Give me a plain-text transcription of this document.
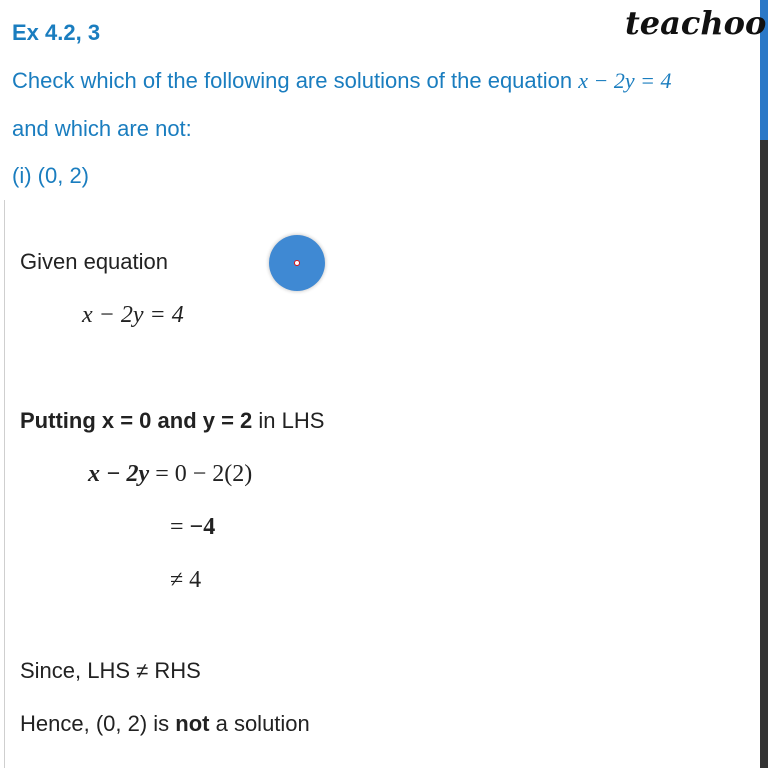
Ex 4.2, 3	teachoo
Check which of the following are solutions of the equation x − 2y = 4
and which are not:
(i) (0, 2)
Given equation
x − 2y = 4
Putting x = 0 and y = 2 in LHS
x − 2y = 0 − 2(2)
= −4
≠ 4
Since, LHS ≠ RHS
Hence, (0, 2) is not a solution
